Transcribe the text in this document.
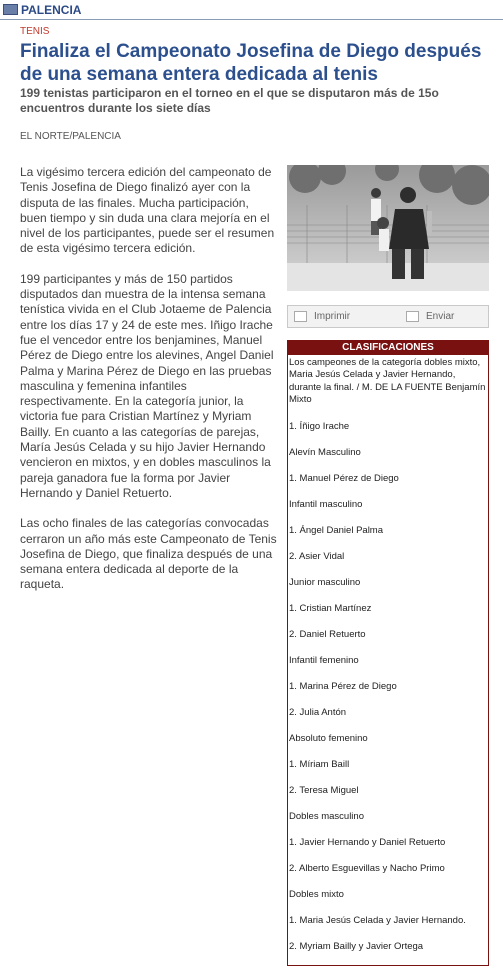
PALENCIA
TENIS
Finaliza el Campeonato Josefina de Diego después de una semana entera dedicada al tenis
199 tenistas participaron en el torneo en el que se disputaron más de 15o encuentros durante los siete días
EL NORTE/PALENCIA

La vigésimo tercera edición del campeonato de Tenis Josefina de Diego finalizó ayer con la disputa de las finales. Mucha participación, buen tiempo y sin duda una clara mejoría en el nivel de los participantes, puede ser el resumen de esta vigésimo tercera edición.

199 participantes y más de 150 partidos disputados dan muestra de la intensa semana tenística vivida en el Club Jotaeme de Palencia entre los días 17 y 24 de este mes. Iñigo Irache fue el vencedor entre los benjamines, Manuel Pérez de Diego entre los alevines, Angel Daniel Palma y Marina Pérez de Diego en las pruebas masculina y femenina infantiles respectivamente. En la categoría junior, la victoria fue para Cristian Martínez y Myriam Bailly. En cuanto a las categorías de parejas, María Jesús Celada y su hijo Javier Hernando vencieron en mixtos, y en dobles masculinos la pareja ganadora fue la forma por Javier Hernando y Daniel Retuerto.

Las ocho finales de las categorías convocadas cerraron un año más este Campeonato de Tenis Josefina de Diego, que finaliza después de una semana entera dedicada al deporte de la raqueta.

Imprimir	Enviar
CLASIFICACIONES
Los campeones de la categoría dobles mixto, Maria Jesús Celada y Javier Hernando, durante la final. / M. DE LA FUENTE Benjamín Mixto
1. Íñigo Irache
Alevín Masculino
1. Manuel Pérez de Diego
Infantil masculino
1. Ángel Daniel Palma
2. Asier Vidal
Junior masculino
1. Cristian Martínez
2. Daniel Retuerto
Infantil femenino
1. Marina Pérez de Diego
2. Julia Antón
Absoluto femenino
1. Míriam Baill
2. Teresa Miguel
Dobles masculino
1. Javier Hernando y Daniel Retuerto
2. Alberto Esguevillas y Nacho Primo
Dobles mixto
1. Maria Jesús Celada y Javier Hernando.
2. Myriam Bailly y Javier Ortega
